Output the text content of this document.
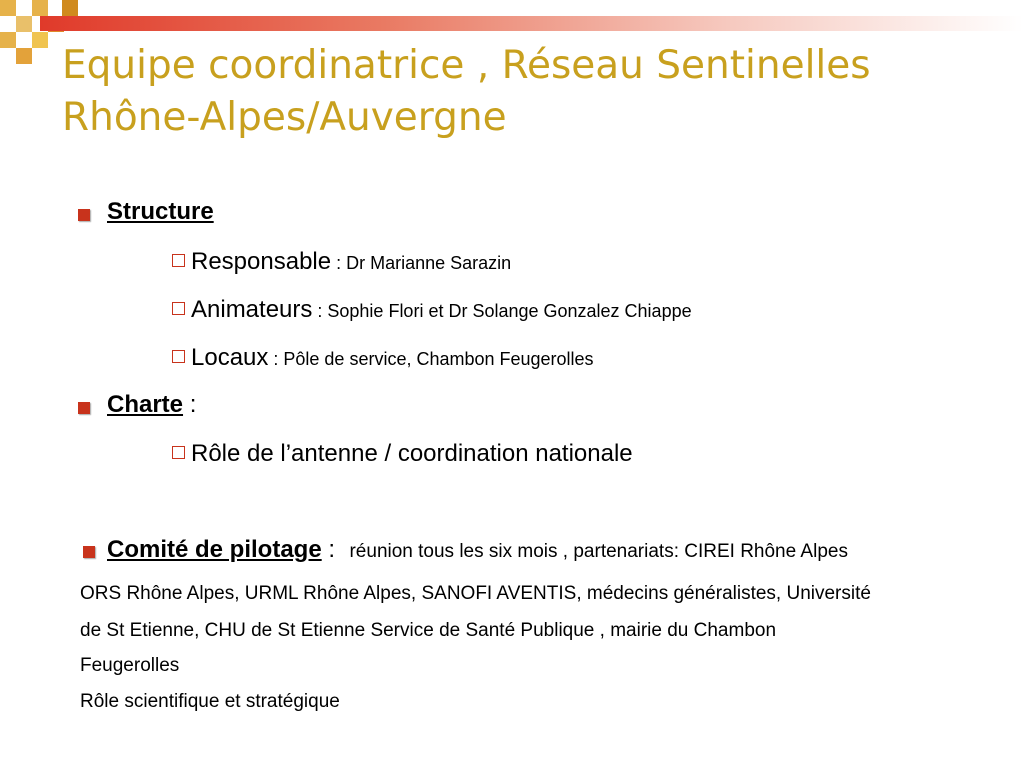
Equipe coordinatrice , Réseau Sentinelles
Rhône-Alpes/Auvergne
Structure
Responsable : Dr Marianne Sarazin
Animateurs : Sophie Flori et Dr Solange Gonzalez Chiappe
Locaux : Pôle de service, Chambon Feugerolles
Charte :
Rôle de l’antenne / coordination nationale
Comité de pilotage : réunion tous les six mois , partenariats: CIREI Rhône Alpes
ORS Rhône Alpes, URML Rhône Alpes, SANOFI AVENTIS, médecins généralistes, Université
de St Etienne, CHU de St Etienne Service de Santé Publique , mairie du Chambon
Feugerolles
Rôle scientifique et stratégique
